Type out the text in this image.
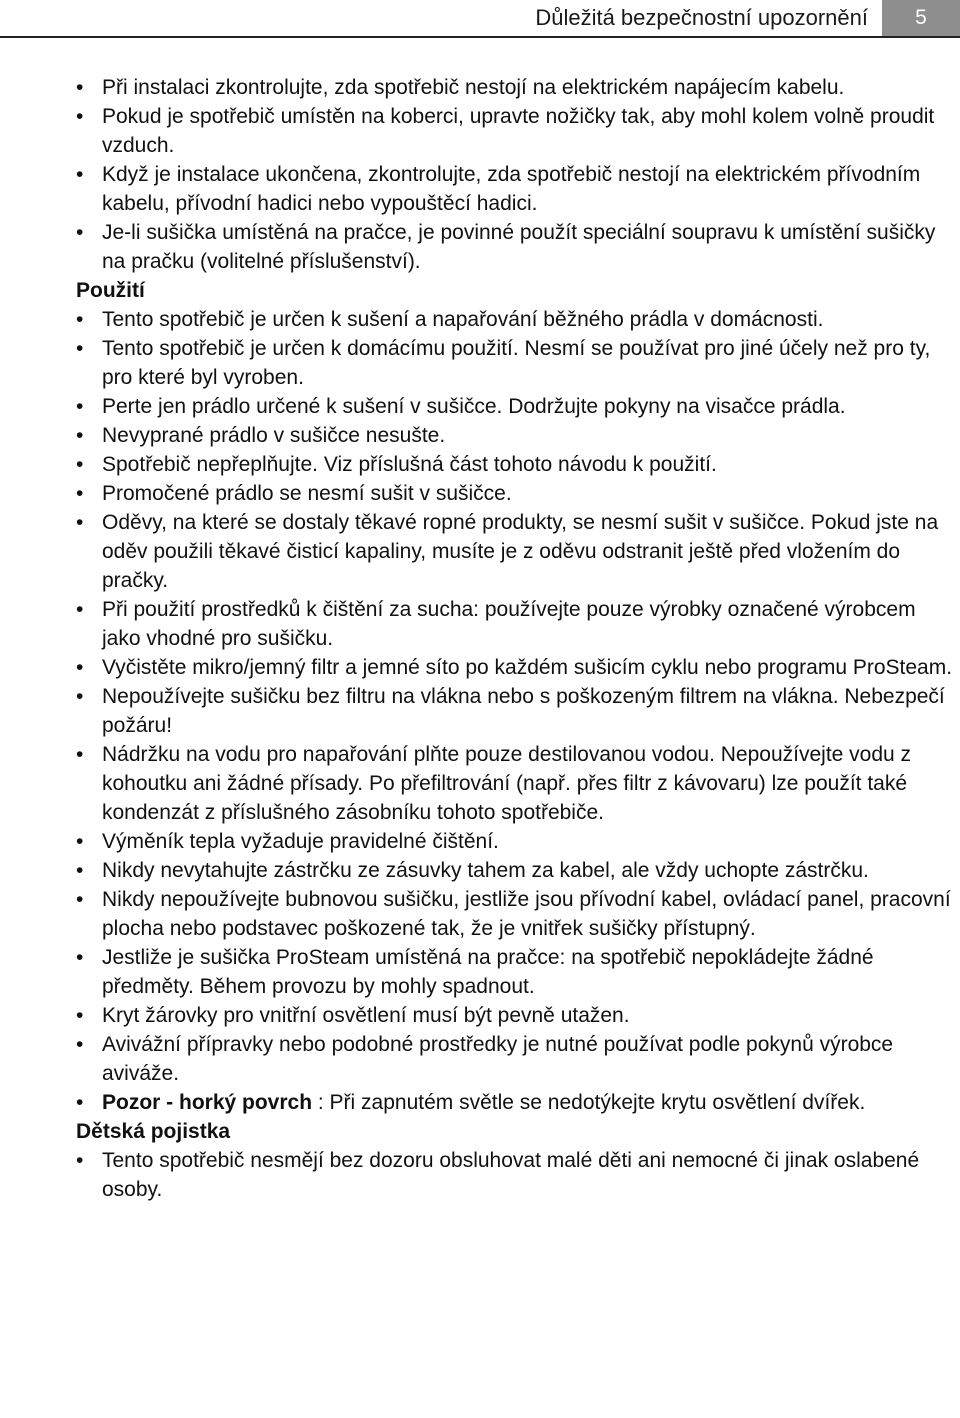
Důležitá bezpečnostní upozornění	5
• Při instalaci zkontrolujte, zda spotřebič nestojí na elektrickém napájecím kabelu.
• Pokud je spotřebič umístěn na koberci, upravte nožičky tak, aby mohl kolem volně proudit vzduch.
• Když je instalace ukončena, zkontrolujte, zda spotřebič nestojí na elektrickém přívodním kabelu, přívodní hadici nebo vypouštěcí hadici.
• Je-li sušička umístěná na pračce, je povinné použít speciální soupravu k umístění sušičky na pračku (volitelné příslušenství).
Použití
• Tento spotřebič je určen k sušení a napařování běžného prádla v domácnosti.
• Tento spotřebič je určen k domácímu použití. Nesmí se používat pro jiné účely než pro ty, pro které byl vyroben.
• Perte jen prádlo určené k sušení v sušičce. Dodržujte pokyny na visačce prádla.
• Nevyprané prádlo v sušičce nesušte.
• Spotřebič nepřeplňujte. Viz příslušná část tohoto návodu k použití.
• Promočené prádlo se nesmí sušit v sušičce.
• Oděvy, na které se dostaly těkavé ropné produkty, se nesmí sušit v sušičce. Pokud jste na oděv použili těkavé čisticí kapaliny, musíte je z oděvu odstranit ještě před vložením do pračky.
• Při použití prostředků k čištění za sucha: používejte pouze výrobky označené výrobcem jako vhodné pro sušičku.
• Vyčistěte mikro/jemný filtr a jemné síto po každém sušicím cyklu nebo programu ProSteam.
• Nepoužívejte sušičku bez filtru na vlákna nebo s poškozeným filtrem na vlákna. Nebezpečí požáru!
• Nádržku na vodu pro napařování plňte pouze destilovanou vodou. Nepoužívejte vodu z kohoutku ani žádné přísady. Po přefiltrování (např. přes filtr z kávovaru) lze použít také kondenzát z příslušného zásobníku tohoto spotřebiče.
• Výměník tepla vyžaduje pravidelné čištění.
• Nikdy nevytahujte zástrčku ze zásuvky tahem za kabel, ale vždy uchopte zástrčku.
• Nikdy nepoužívejte bubnovou sušičku, jestliže jsou přívodní kabel, ovládací panel, pracovní plocha nebo podstavec poškozené tak, že je vnitřek sušičky přístupný.
• Jestliže je sušička ProSteam umístěná na pračce: na spotřebič nepokládejte žádné předměty. Během provozu by mohly spadnout.
• Kryt žárovky pro vnitřní osvětlení musí být pevně utažen.
• Avivážní přípravky nebo podobné prostředky je nutné používat podle pokynů výrobce aviváže.
• Pozor - horký povrch : Při zapnutém světle se nedotýkejte krytu osvětlení dvířek.
Dětská pojistka
• Tento spotřebič nesmějí bez dozoru obsluhovat malé děti ani nemocné či jinak oslabené osoby.
